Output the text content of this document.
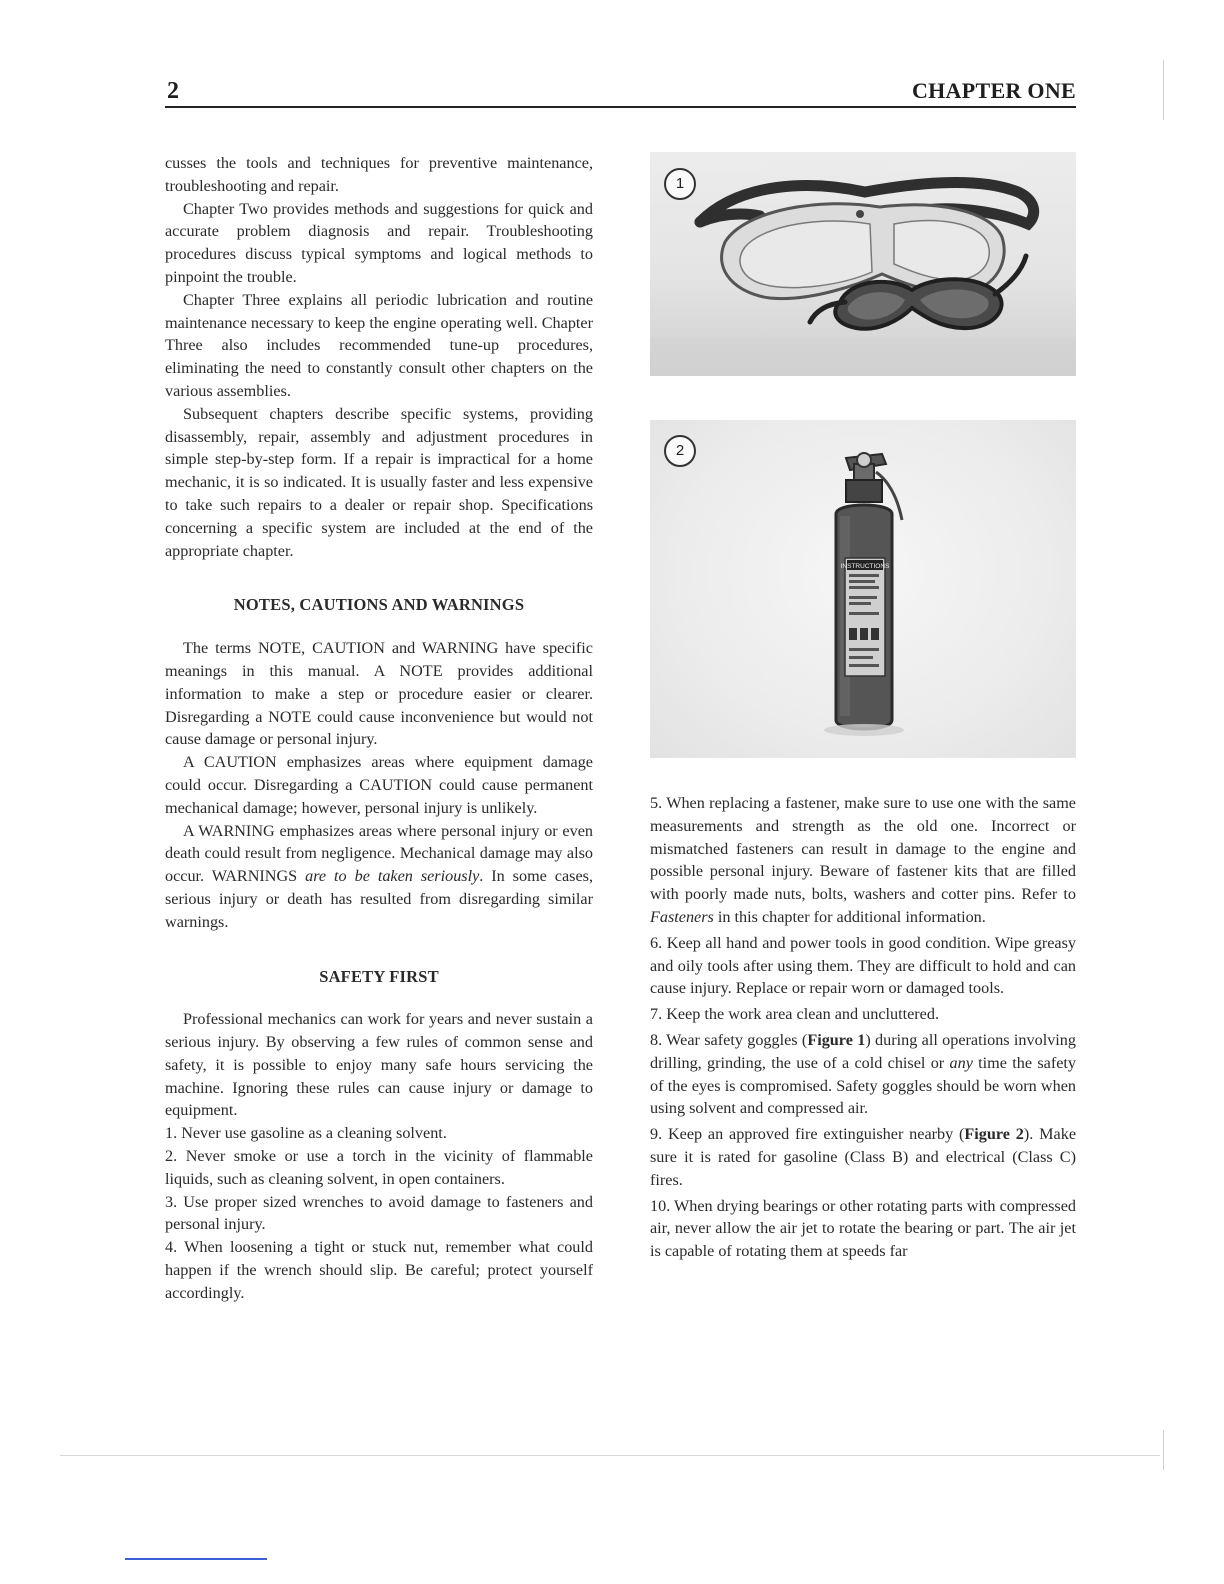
2	CHAPTER ONE

cusses the tools and techniques for preventive maintenance, troubleshooting and repair.

Chapter Two provides methods and suggestions for quick and accurate problem diagnosis and repair. Troubleshooting procedures discuss typical symptoms and logical methods to pinpoint the trouble.

Chapter Three explains all periodic lubrication and routine maintenance necessary to keep the engine operating well. Chapter Three also includes recommended tune-up procedures, eliminating the need to constantly consult other chapters on the various assemblies.

Subsequent chapters describe specific systems, providing disassembly, repair, assembly and adjustment procedures in simple step-by-step form. If a repair is impractical for a home mechanic, it is so indicated. It is usually faster and less expensive to take such repairs to a dealer or repair shop. Specifications concerning a specific system are included at the end of the appropriate chapter.

NOTES, CAUTIONS AND WARNINGS

The terms NOTE, CAUTION and WARNING have specific meanings in this manual. A NOTE provides additional information to make a step or procedure easier or clearer. Disregarding a NOTE could cause inconvenience but would not cause damage or personal injury.

A CAUTION emphasizes areas where equipment damage could occur. Disregarding a CAUTION could cause permanent mechanical damage; however, personal injury is unlikely.

A WARNING emphasizes areas where personal injury or even death could result from negligence. Mechanical damage may also occur. WARNINGS are to be taken seriously. In some cases, serious injury or death has resulted from disregarding similar warnings.

SAFETY FIRST

Professional mechanics can work for years and never sustain a serious injury. By observing a few rules of common sense and safety, it is possible to enjoy many safe hours servicing the machine. Ignoring these rules can cause injury or damage to equipment.

1. Never use gasoline as a cleaning solvent.

2. Never smoke or use a torch in the vicinity of flammable liquids, such as cleaning solvent, in open containers.

3. Use proper sized wrenches to avoid damage to fasteners and personal injury.

4. When loosening a tight or stuck nut, remember what could happen if the wrench should slip. Be careful; protect yourself accordingly.

1
INSTRUCTIONS
2

5. When replacing a fastener, make sure to use one with the same measurements and strength as the old one. Incorrect or mismatched fasteners can result in damage to the engine and possible personal injury. Beware of fastener kits that are filled with poorly made nuts, bolts, washers and cotter pins. Refer to Fasteners in this chapter for additional information.

6. Keep all hand and power tools in good condition. Wipe greasy and oily tools after using them. They are difficult to hold and can cause injury. Replace or repair worn or damaged tools.

7. Keep the work area clean and uncluttered.

8. Wear safety goggles (Figure 1) during all operations involving drilling, grinding, the use of a cold chisel or any time the safety of the eyes is compromised. Safety goggles should be worn when using solvent and compressed air.

9. Keep an approved fire extinguisher nearby (Figure 2). Make sure it is rated for gasoline (Class B) and electrical (Class C) fires.

10. When drying bearings or other rotating parts with compressed air, never allow the air jet to rotate the bearing or part. The air jet is capable of rotating them at speeds far
